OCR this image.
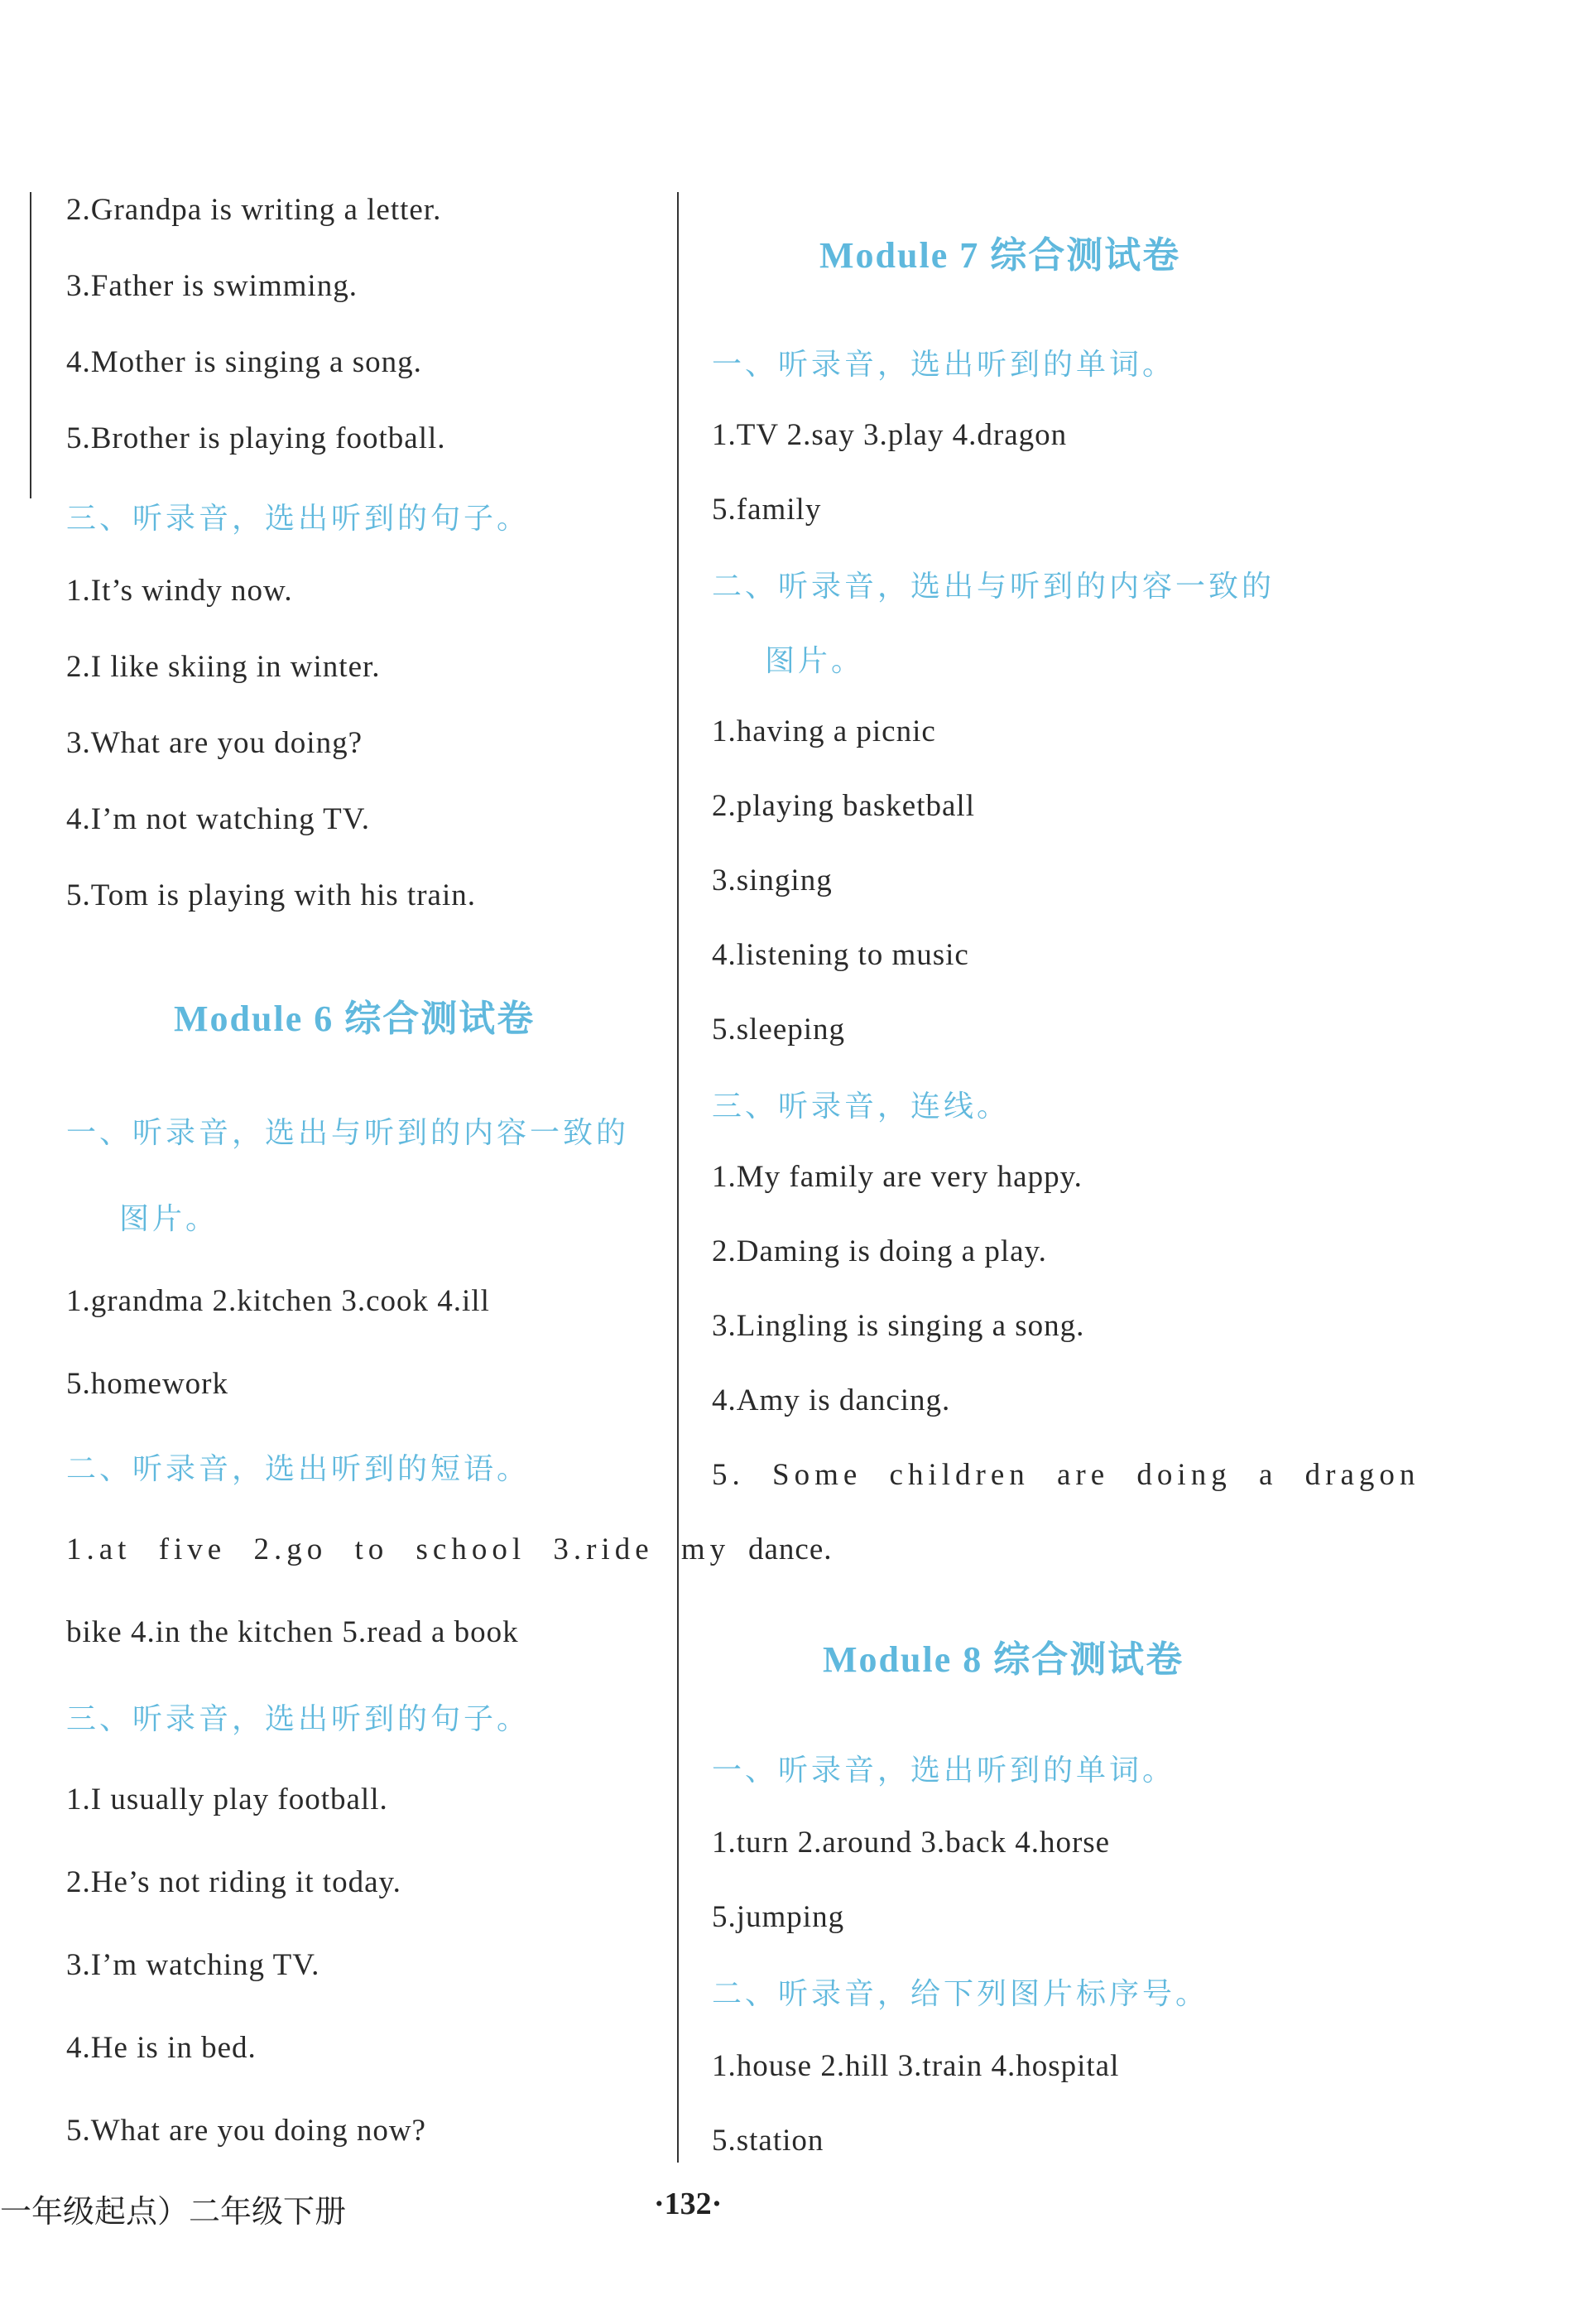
2.Grandpa is writing a letter.
3.Father is swimming.
4.Mother is singing a song.
5.Brother is playing football.
三、听录音，选出听到的句子。
1.It’s windy now.
2.I like skiing in winter.
3.What are you doing?
4.I’m not watching TV.
5.Tom is playing with his train.
Module 6 综合测试卷
一、听录音，选出与听到的内容一致的
图片。
1.grandma 2.kitchen 3.cook 4.ill
5.homework
二、听录音，选出听到的短语。
1.at five 2.go to school 3.ride my
bike 4.in the kitchen 5.read a book
三、听录音，选出听到的句子。
1.I usually play football.
2.He’s not riding it today.
3.I’m watching TV.
4.He is in bed.
5.What are you doing now?
Module 7 综合测试卷
一、听录音，选出听到的单词。
1.TV 2.say 3.play 4.dragon
5.family
二、听录音，选出与听到的内容一致的
图片。
1.having a picnic
2.playing basketball
3.singing
4.listening to music
5.sleeping
三、听录音，连线。
1.My family are very happy.
2.Daming is doing a play.
3.Lingling is singing a song.
4.Amy is dancing.
5. Some children are doing a dragon
dance.
Module 8 综合测试卷
一、听录音，选出听到的单词。
1.turn 2.around 3.back 4.horse
5.jumping
二、听录音，给下列图片标序号。
1.house 2.hill 3.train 4.hospital
5.station
一年级起点）二年级下册	·132·
